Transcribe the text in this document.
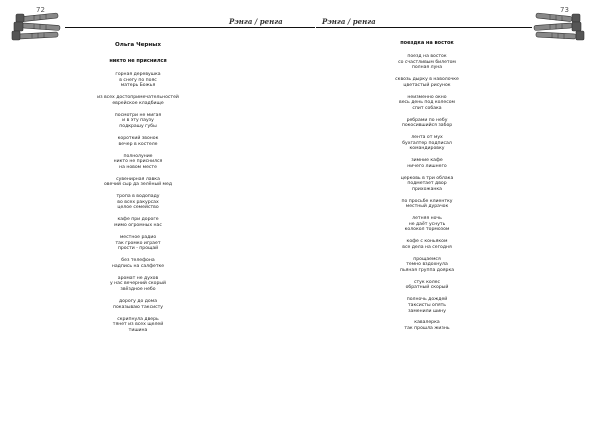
72
Рэнга / ренга
Ольга Черных
никто не приснился
горная деревушка
в снегу по пояс
матерь Божья
из всех достопримечательностей
еврейское кладбище
посмотри не мигая
и в эту паузу
подкрашу губы
короткий звонок
вечер в костеле
полнолуние
никто не приснился
на новом месте
сувенирная лавка
овечий сыр да зелёный мед
тропа в водопаду
во всех ракурсах
целое семейство
кафе при дороге
мимо огромных нас
местное радио
так громко играет
прости - прощай
без телефона
надпись на салфетке
аромат не духов
у нас вечерний скорый
звёздное небо
дорогу до дома
показываю таксисту
скрипнула дверь
тянет из всех щелей
тишина
73
Рэнга / ренга
поездка на восток
поезд на восток
со счастливым билетом
полная луна
сквозь дырку в наволочке
цветастый рисунок
неизменно окно
весь день под колесом
спит собака
ребрами по небу
покосившийся забор
лента от мух
бухгалтер подписал
командировку
зимние кафе
ничего лишнего
церковь в три облака
подметает двор
прихожанка
по просьбе клиентку
местный дурачок
летняя ночь
не даёт уснуть
колокол тормозом
кофе с коньяком
все дела на сегодня
прощаемся
темно вздохнула
пьяная группа доярка
стук колес
обратный скорый
полночь дождей
таксисты опять
заменили шину
кавалерка
так прошла жизнь
